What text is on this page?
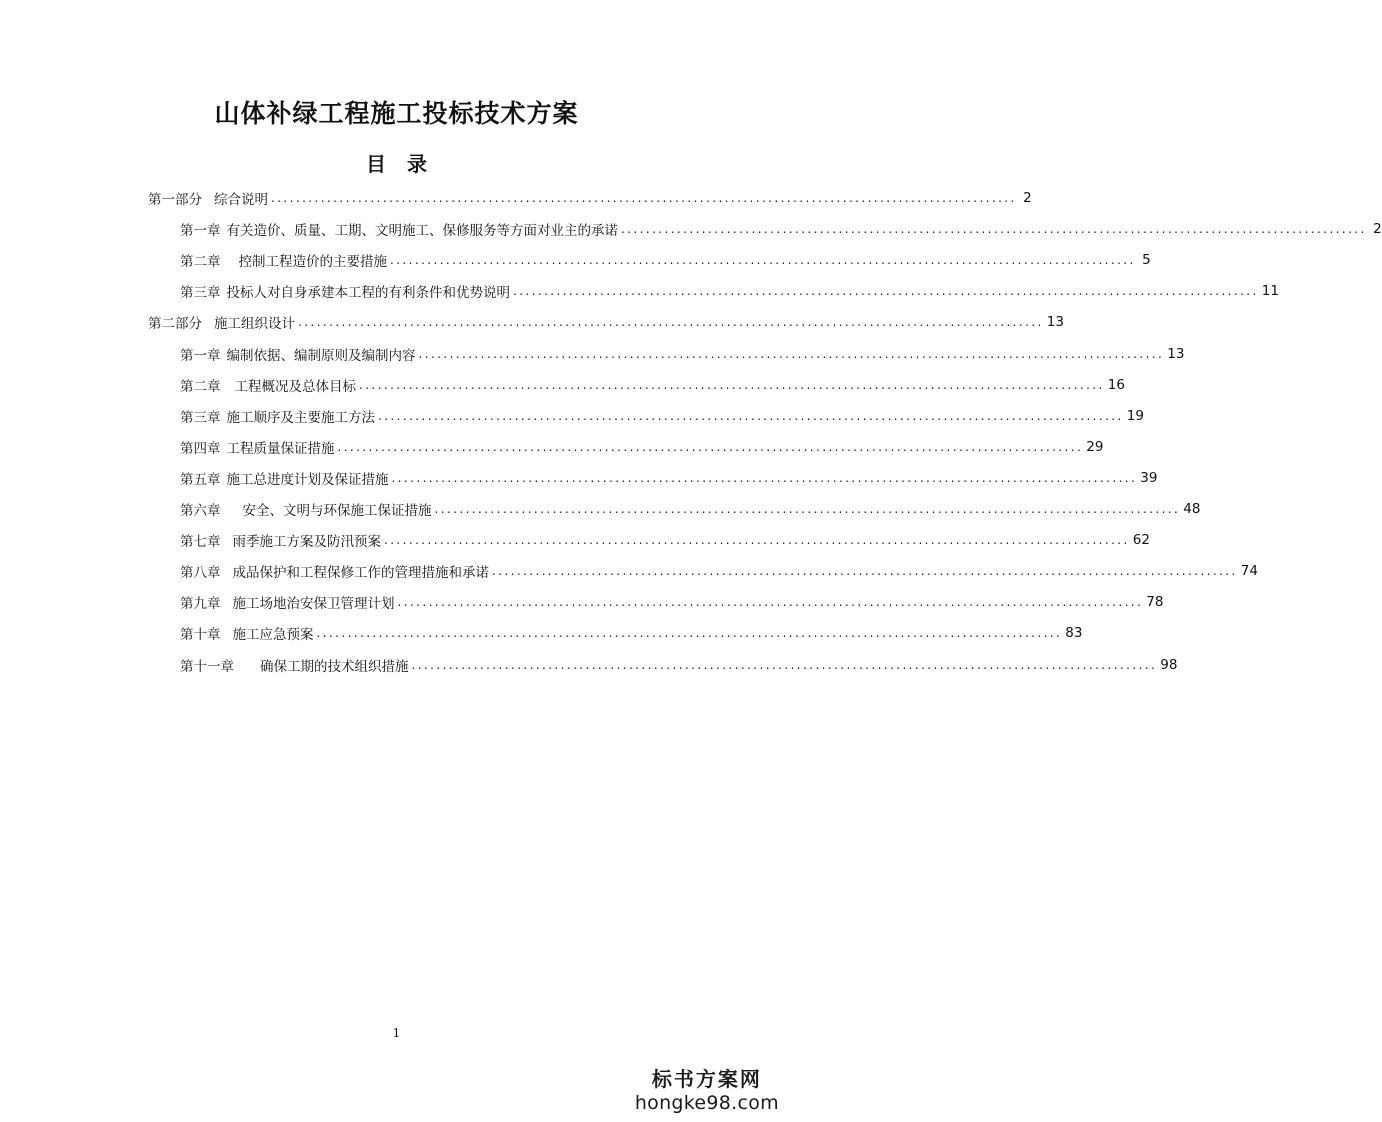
山体补绿工程施工投标技术方案
目 录
第一部分 综合说明 ........................................................................................................................ 2
第一章 有关造价、质量、工期、文明施工、保修服务等方面对业主的承诺 ........................................................................................................................ 2
第二章 控制工程造价的主要措施 ........................................................................................................................ 5
第三章 投标人对自身承建本工程的有利条件和优势说明 ........................................................................................................................ 11
第二部分 施工组织设计 ........................................................................................................................ 13
第一章 编制依据、编制原则及编制内容 ........................................................................................................................ 13
第二章 工程概况及总体目标 ........................................................................................................................ 16
第三章 施工顺序及主要施工方法 ........................................................................................................................ 19
第四章 工程质量保证措施 ........................................................................................................................ 29
第五章 施工总进度计划及保证措施 ........................................................................................................................ 39
第六章 安全、文明与环保施工保证措施 ........................................................................................................................ 48
第七章 雨季施工方案及防汛预案 ........................................................................................................................ 62
第八章 成品保护和工程保修工作的管理措施和承诺 ........................................................................................................................ 74
第九章 施工场地治安保卫管理计划 ........................................................................................................................ 78
第十章 施工应急预案 ........................................................................................................................ 83
第十一章 确保工期的技术组织措施 ........................................................................................................................ 98
1
标书方案网
hongke98.com
